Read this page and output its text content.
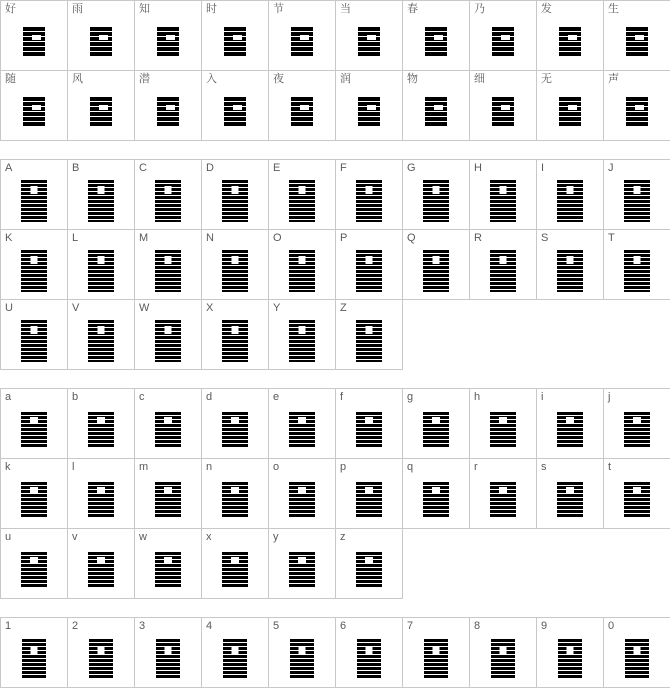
好	雨	知	时	节	当	春	乃	发	生
随	风	潜	入	夜	润	物	细	无	声
A	B	C	D	E	F	G	H	I	J
K	L	M	N	O	P	Q	R	S	T
U	V	W	X	Y	Z
a	b	c	d	e	f	g	h	i	j
k	l	m	n	o	p	q	r	s	t
u	v	w	x	y	z
1	2	3	4	5	6	7	8	9	0
